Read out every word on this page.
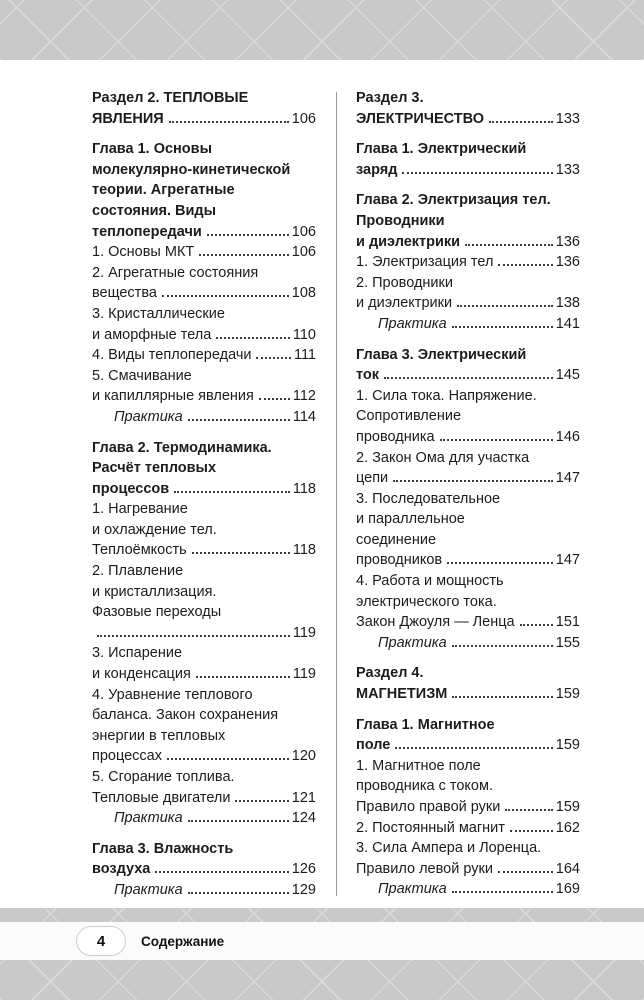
Раздел 2. ТЕПЛОВЫЕ
ЯВЛЕНИЯ	106
Глава 1. Основы
молекулярно-кинетической
теории. Агрегатные
состояния. Виды
теплопередачи	106
1. Основы МКТ	106
2. Агрегатные состояния
вещества	108
3. Кристаллические
и аморфные тела	110
4. Виды теплопередачи	111
5. Смачивание
и капиллярные явления	112
Практика	114
Глава 2. Термодинамика.
Расчёт тепловых
процессов	118
1. Нагревание
и охлаждение тел.
Теплоёмкость	118
2. Плавление
и кристаллизация.
Фазовые переходы
119
3. Испарение
и конденсация	119
4. Уравнение теплового
баланса. Закон сохранения
энергии в тепловых
процессах	120
5. Сгорание топлива.
Тепловые двигатели	121
Практика	124
Глава 3. Влажность
воздуха	126
Практика	129
Раздел 3.
ЭЛЕКТРИЧЕСТВО	133
Глава 1. Электрический
заряд	133
Глава 2. Электризация тел.
Проводники
и диэлектрики	136
1. Электризация тел	136
2. Проводники
и диэлектрики	138
Практика	141
Глава 3. Электрический
ток	145
1. Сила тока. Напряжение.
Сопротивление
проводника	146
2. Закон Ома для участка
цепи	147
3. Последовательное
и параллельное
соединение
проводников	147
4. Работа и мощность
электрического тока.
Закон Джоуля — Ленца	151
Практика	155
Раздел 4.
МАГНЕТИЗМ	159
Глава 1. Магнитное
поле	159
1. Магнитное поле
проводника с током.
Правило правой руки	159
2. Постоянный магнит	162
3. Сила Ампера и Лоренца.
Правило левой руки	164
Практика	169
4	Содержание
